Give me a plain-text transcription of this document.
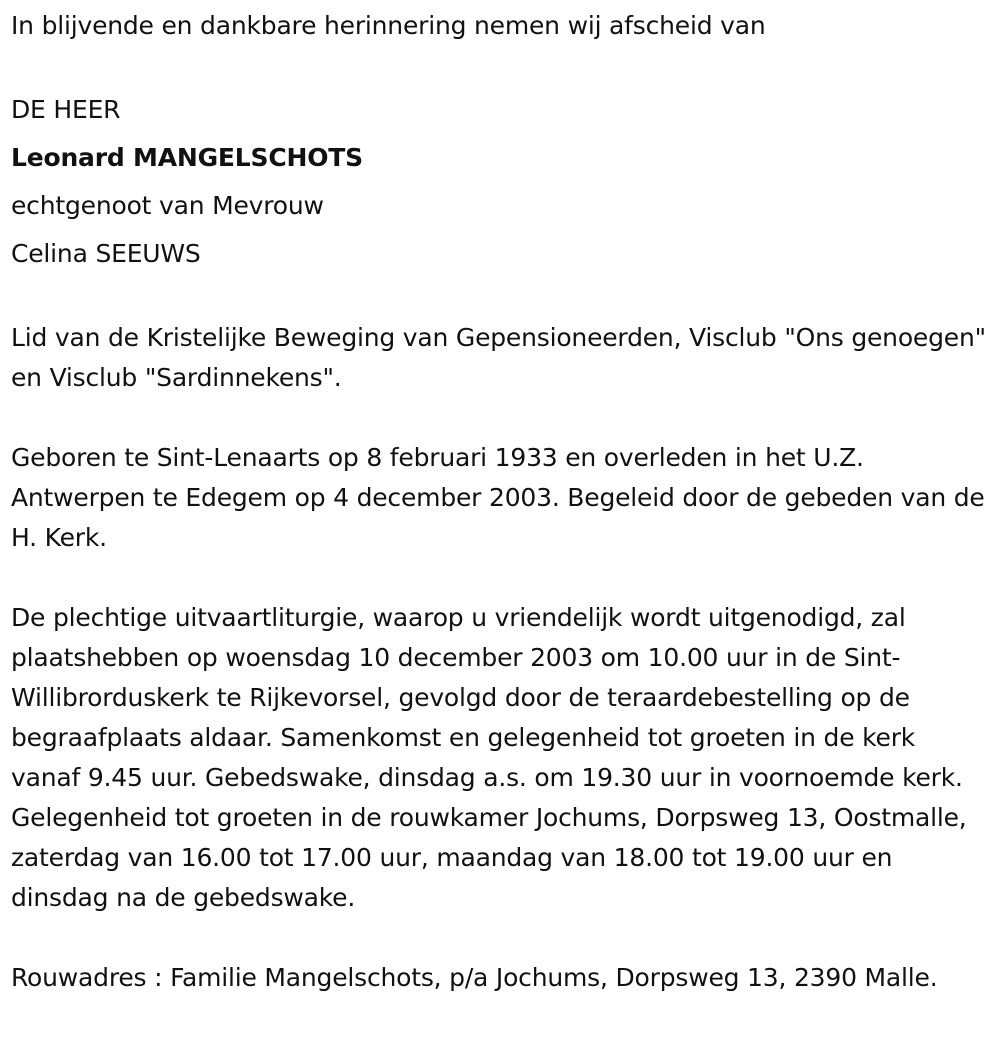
In blijvende en dankbare herinnering nemen wij afscheid van

DE HEER

Leonard MANGELSCHOTS

echtgenoot van Mevrouw

Celina SEEUWS

Lid van de Kristelijke Beweging van Gepensioneerden, Visclub "Ons genoegen" en Visclub "Sardinnekens".

Geboren te Sint-Lenaarts op 8 februari 1933 en overleden in het U.Z. Antwerpen te Edegem op 4 december 2003. Begeleid door de gebeden van de H. Kerk.

De plechtige uitvaartliturgie, waarop u vriendelijk wordt uitgenodigd, zal plaatshebben op woensdag 10 december 2003 om 10.00 uur in de Sint-Willibrorduskerk te Rijkevorsel, gevolgd door de teraardebestelling op de begraafplaats aldaar. Samenkomst en gelegenheid tot groeten in de kerk vanaf 9.45 uur. Gebedswake, dinsdag a.s. om 19.30 uur in voornoemde kerk. Gelegenheid tot groeten in de rouwkamer Jochums, Dorpsweg 13, Oostmalle, zaterdag van 16.00 tot 17.00 uur, maandag van 18.00 tot 19.00 uur en dinsdag na de gebedswake.

Rouwadres : Familie Mangelschots, p/a Jochums, Dorpsweg 13, 2390 Malle.
